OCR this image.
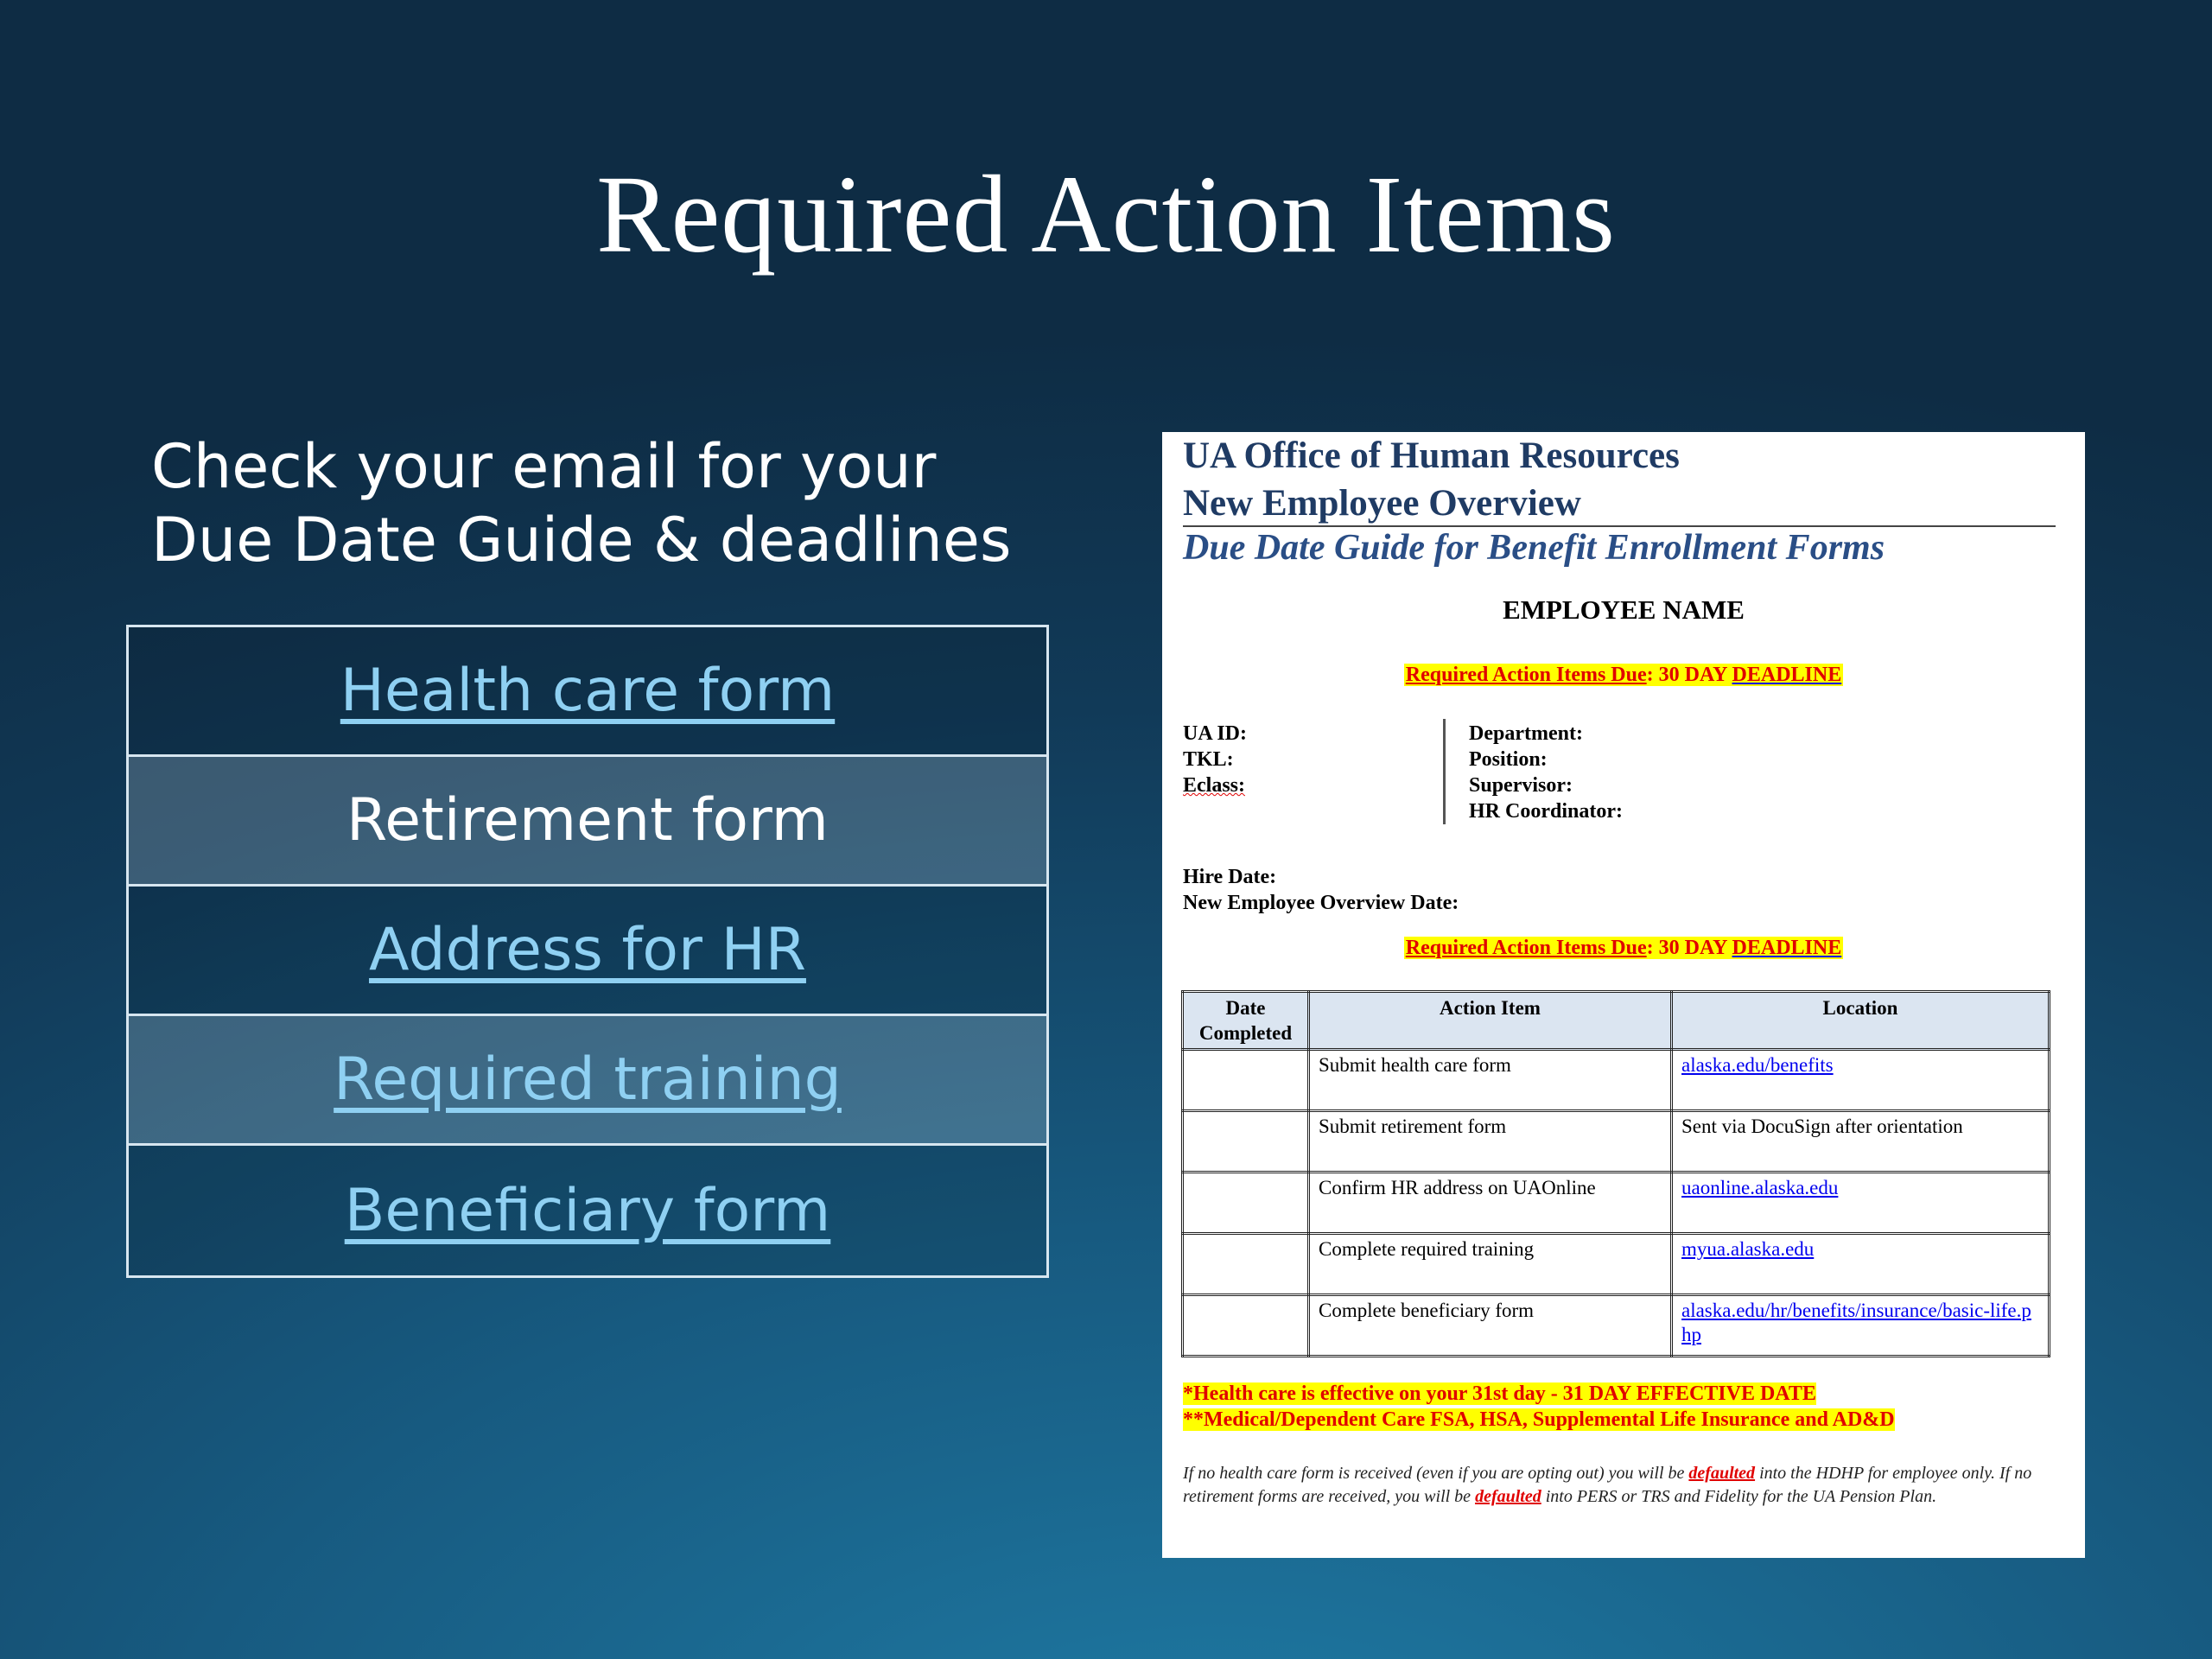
Required Action Items
Check your email for your
Due Date Guide & deadlines
Health care form
Retirement form
Address for HR
Required training
Beneficiary form
UA Office of Human Resources
New Employee Overview
Due Date Guide for Benefit Enrollment Forms
EMPLOYEE NAME
Required Action Items Due: 30 DAY DEADLINE
UA ID:
TKL:
Eclass:
Department:
Position:
Supervisor:
HR Coordinator:
Hire Date:
New Employee Overview Date:
Required Action Items Due: 30 DAY DEADLINE
Date
Completed	Action Item	Location
	Submit health care form	alaska.edu/benefits
	Submit retirement form	Sent via DocuSign after orientation
	Confirm HR address on UAOnline	uaonline.alaska.edu
	Complete required training	myua.alaska.edu
	Complete beneficiary form	alaska.edu/hr/benefits/insurance/basic-life.php
*Health care is effective on your 31st day - 31 DAY EFFECTIVE DATE
**Medical/Dependent Care FSA, HSA, Supplemental Life Insurance and AD&D
If no health care form is received (even if you are opting out) you will be defaulted into the HDHP for employee only. If no retirement forms are received, you will be defaulted into PERS or TRS and Fidelity for the UA Pension Plan.
